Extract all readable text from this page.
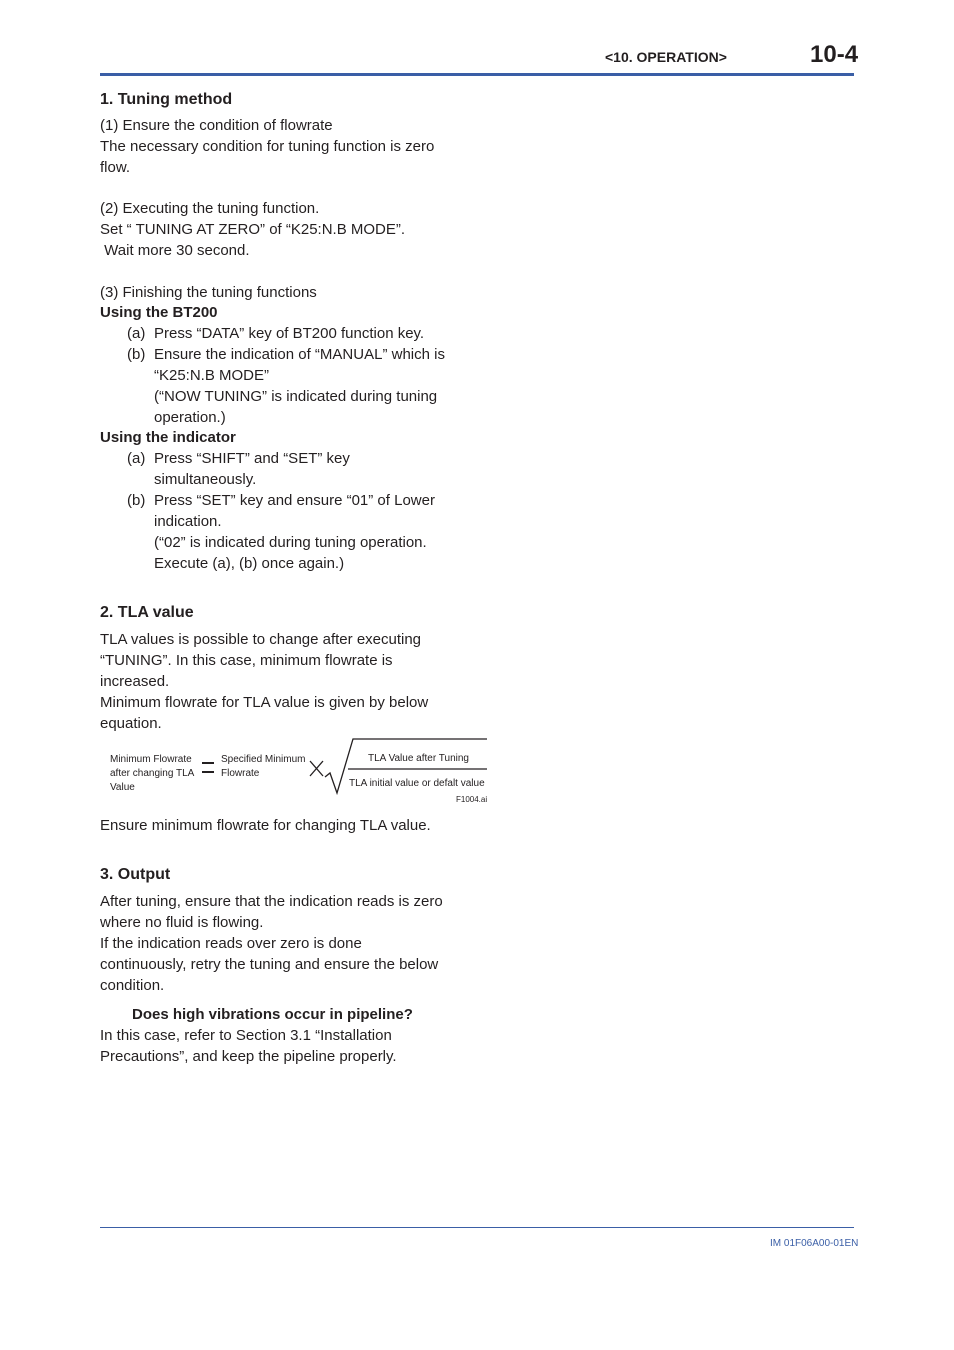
<10. OPERATION>	10-4
1. Tuning method
(1) Ensure the condition of flowrate
The necessary condition for tuning function is zero
flow.
(2) Executing the tuning function.
Set “ TUNING AT ZERO” of “K25:N.B MODE”.
Wait more 30 second.
(3) Finishing the tuning functions
Using the BT200
(a) Press “DATA” key of BT200 function key.
(b) Ensure the indication of “MANUAL” which is
“K25:N.B MODE”
(“NOW TUNING” is indicated during tuning
operation.)
Using the indicator
(a) Press “SHIFT” and “SET” key
simultaneously.
(b) Press “SET” key and ensure “01” of Lower
indication.
(“02” is indicated during tuning operation.
Execute (a), (b) once again.)
2. TLA value
TLA values is possible to change after executing
“TUNING”. In this case, minimum flowrate is
increased.
Minimum flowrate for TLA value is given by below
equation.
Minimum Flowrate
after changing TLA
Value
Specified Minimum
Flowrate
TLA Value after Tuning
TLA initial value or defalt value
F1004.ai
Ensure minimum flowrate for changing TLA value.
3. Output
After tuning, ensure that the indication reads is zero
where no fluid is flowing.
If the indication reads over zero is done
continuously, retry the tuning and ensure the below
condition.
Does high vibrations occur in pipeline?
In this case, refer to Section 3.1 “Installation
Precautions”, and keep the pipeline properly.
IM 01F06A00-01EN
